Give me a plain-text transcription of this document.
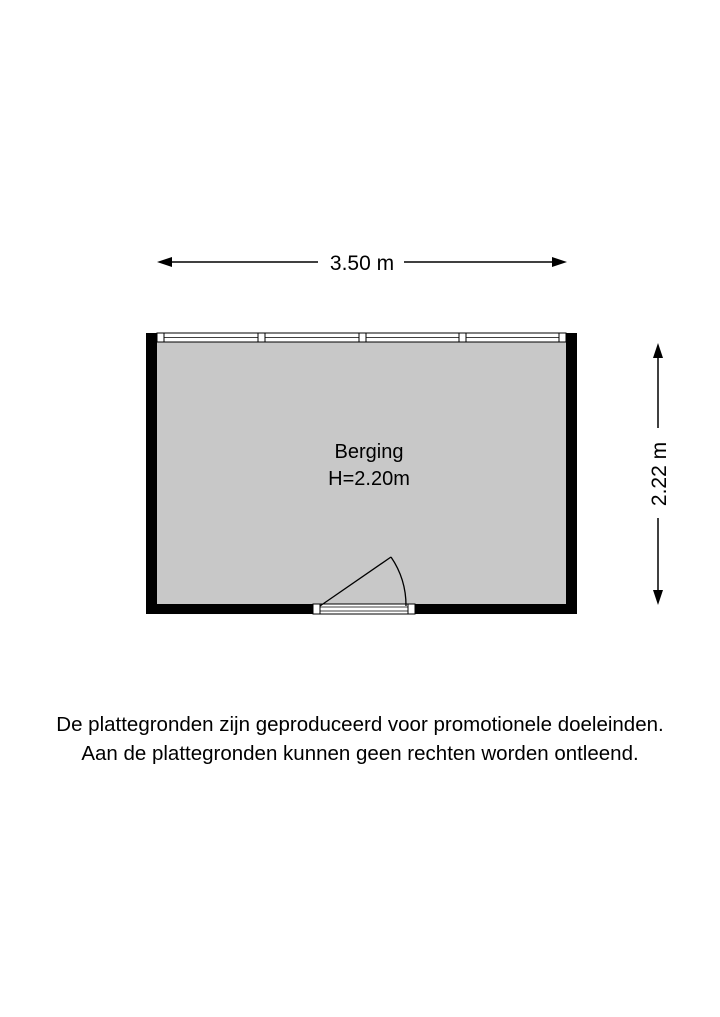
3.50 m
2.22 m
Berging
H=2.20m
De plattegronden zijn geproduceerd voor promotionele doeleinden.
Aan de plattegronden kunnen geen rechten worden ontleend.
